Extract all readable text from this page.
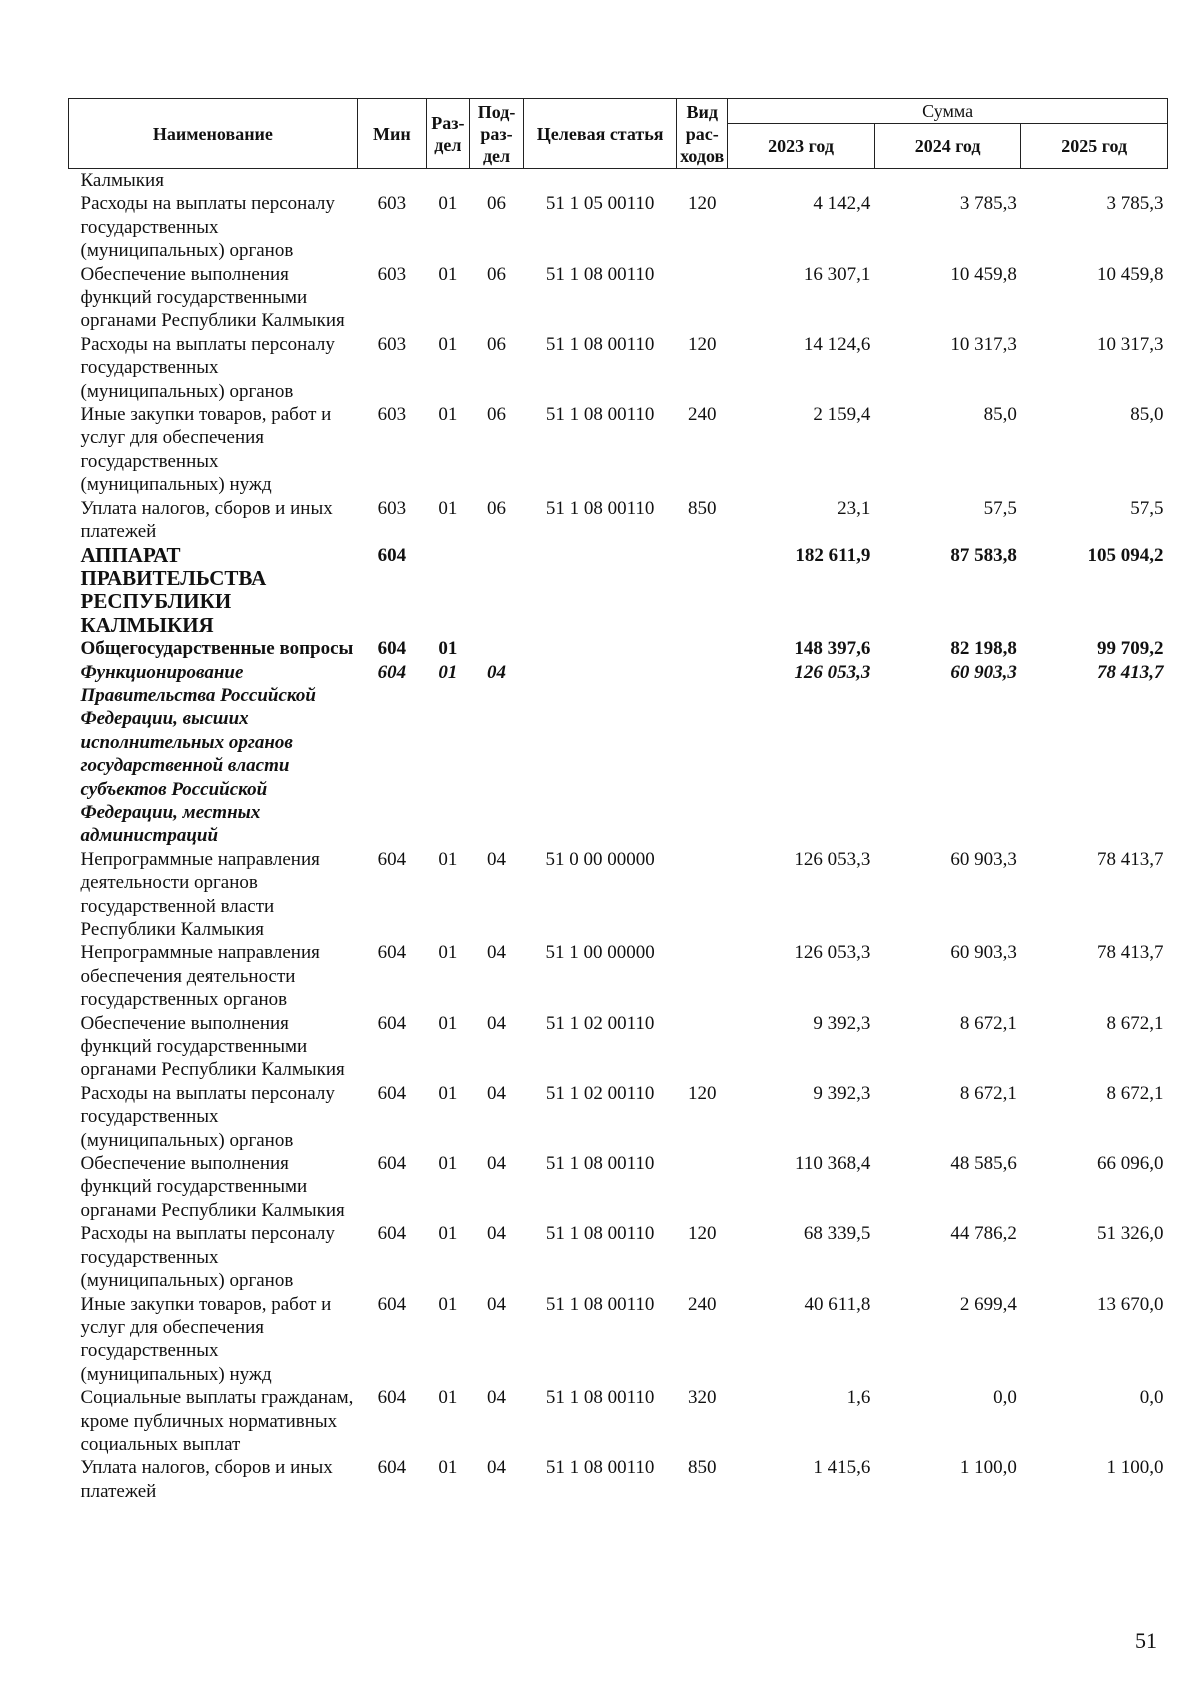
Наименование	Мин	Раз-дел	Под-раз-дел	Целевая статья	Вид рас-ходов	Сумма		
						2023 год	2024 год	2025 год
Калмыкия								
Расходы на выплаты персоналу государственных (муниципальных) органов	603	01	06	51 1 05 00110	120	4 142,4	3 785,3	3 785,3
Обеспечение выполнения функций государственными органами Республики Калмыкия	603	01	06	51 1 08 00110		16 307,1	10 459,8	10 459,8
Расходы на выплаты персоналу государственных (муниципальных) органов	603	01	06	51 1 08 00110	120	14 124,6	10 317,3	10 317,3
Иные закупки товаров, работ и услуг для обеспечения государственных (муниципальных) нужд	603	01	06	51 1 08 00110	240	2 159,4	85,0	85,0
Уплата налогов, сборов и иных платежей	603	01	06	51 1 08 00110	850	23,1	57,5	57,5
АППАРАТ ПРАВИТЕЛЬСТВА РЕСПУБЛИКИ КАЛМЫКИЯ	604					182 611,9	87 583,8	105 094,2
Общегосударственные вопросы	604	01				148 397,6	82 198,8	99 709,2
Функционирование Правительства Российской Федерации, высших исполнительных органов государственной власти субъектов Российской Федерации, местных администраций	604	01	04			126 053,3	60 903,3	78 413,7
Непрограммные направления деятельности органов государственной власти Республики Калмыкия	604	01	04	51 0 00 00000		126 053,3	60 903,3	78 413,7
Непрограммные направления обеспечения деятельности государственных органов	604	01	04	51 1 00 00000		126 053,3	60 903,3	78 413,7
Обеспечение выполнения функций государственными органами Республики Калмыкия	604	01	04	51 1 02 00110		9 392,3	8 672,1	8 672,1
Расходы на выплаты персоналу государственных (муниципальных) органов	604	01	04	51 1 02 00110	120	9 392,3	8 672,1	8 672,1
Обеспечение выполнения функций государственными органами Республики Калмыкия	604	01	04	51 1 08 00110		110 368,4	48 585,6	66 096,0
Расходы на выплаты персоналу государственных (муниципальных) органов	604	01	04	51 1 08 00110	120	68 339,5	44 786,2	51 326,0
Иные закупки товаров, работ и услуг для обеспечения государственных (муниципальных) нужд	604	01	04	51 1 08 00110	240	40 611,8	2 699,4	13 670,0
Социальные выплаты гражданам, кроме публичных нормативных социальных выплат	604	01	04	51 1 08 00110	320	1,6	0,0	0,0
Уплата налогов, сборов и иных платежей	604	01	04	51 1 08 00110	850	1 415,6	1 100,0	1 100,0
51
